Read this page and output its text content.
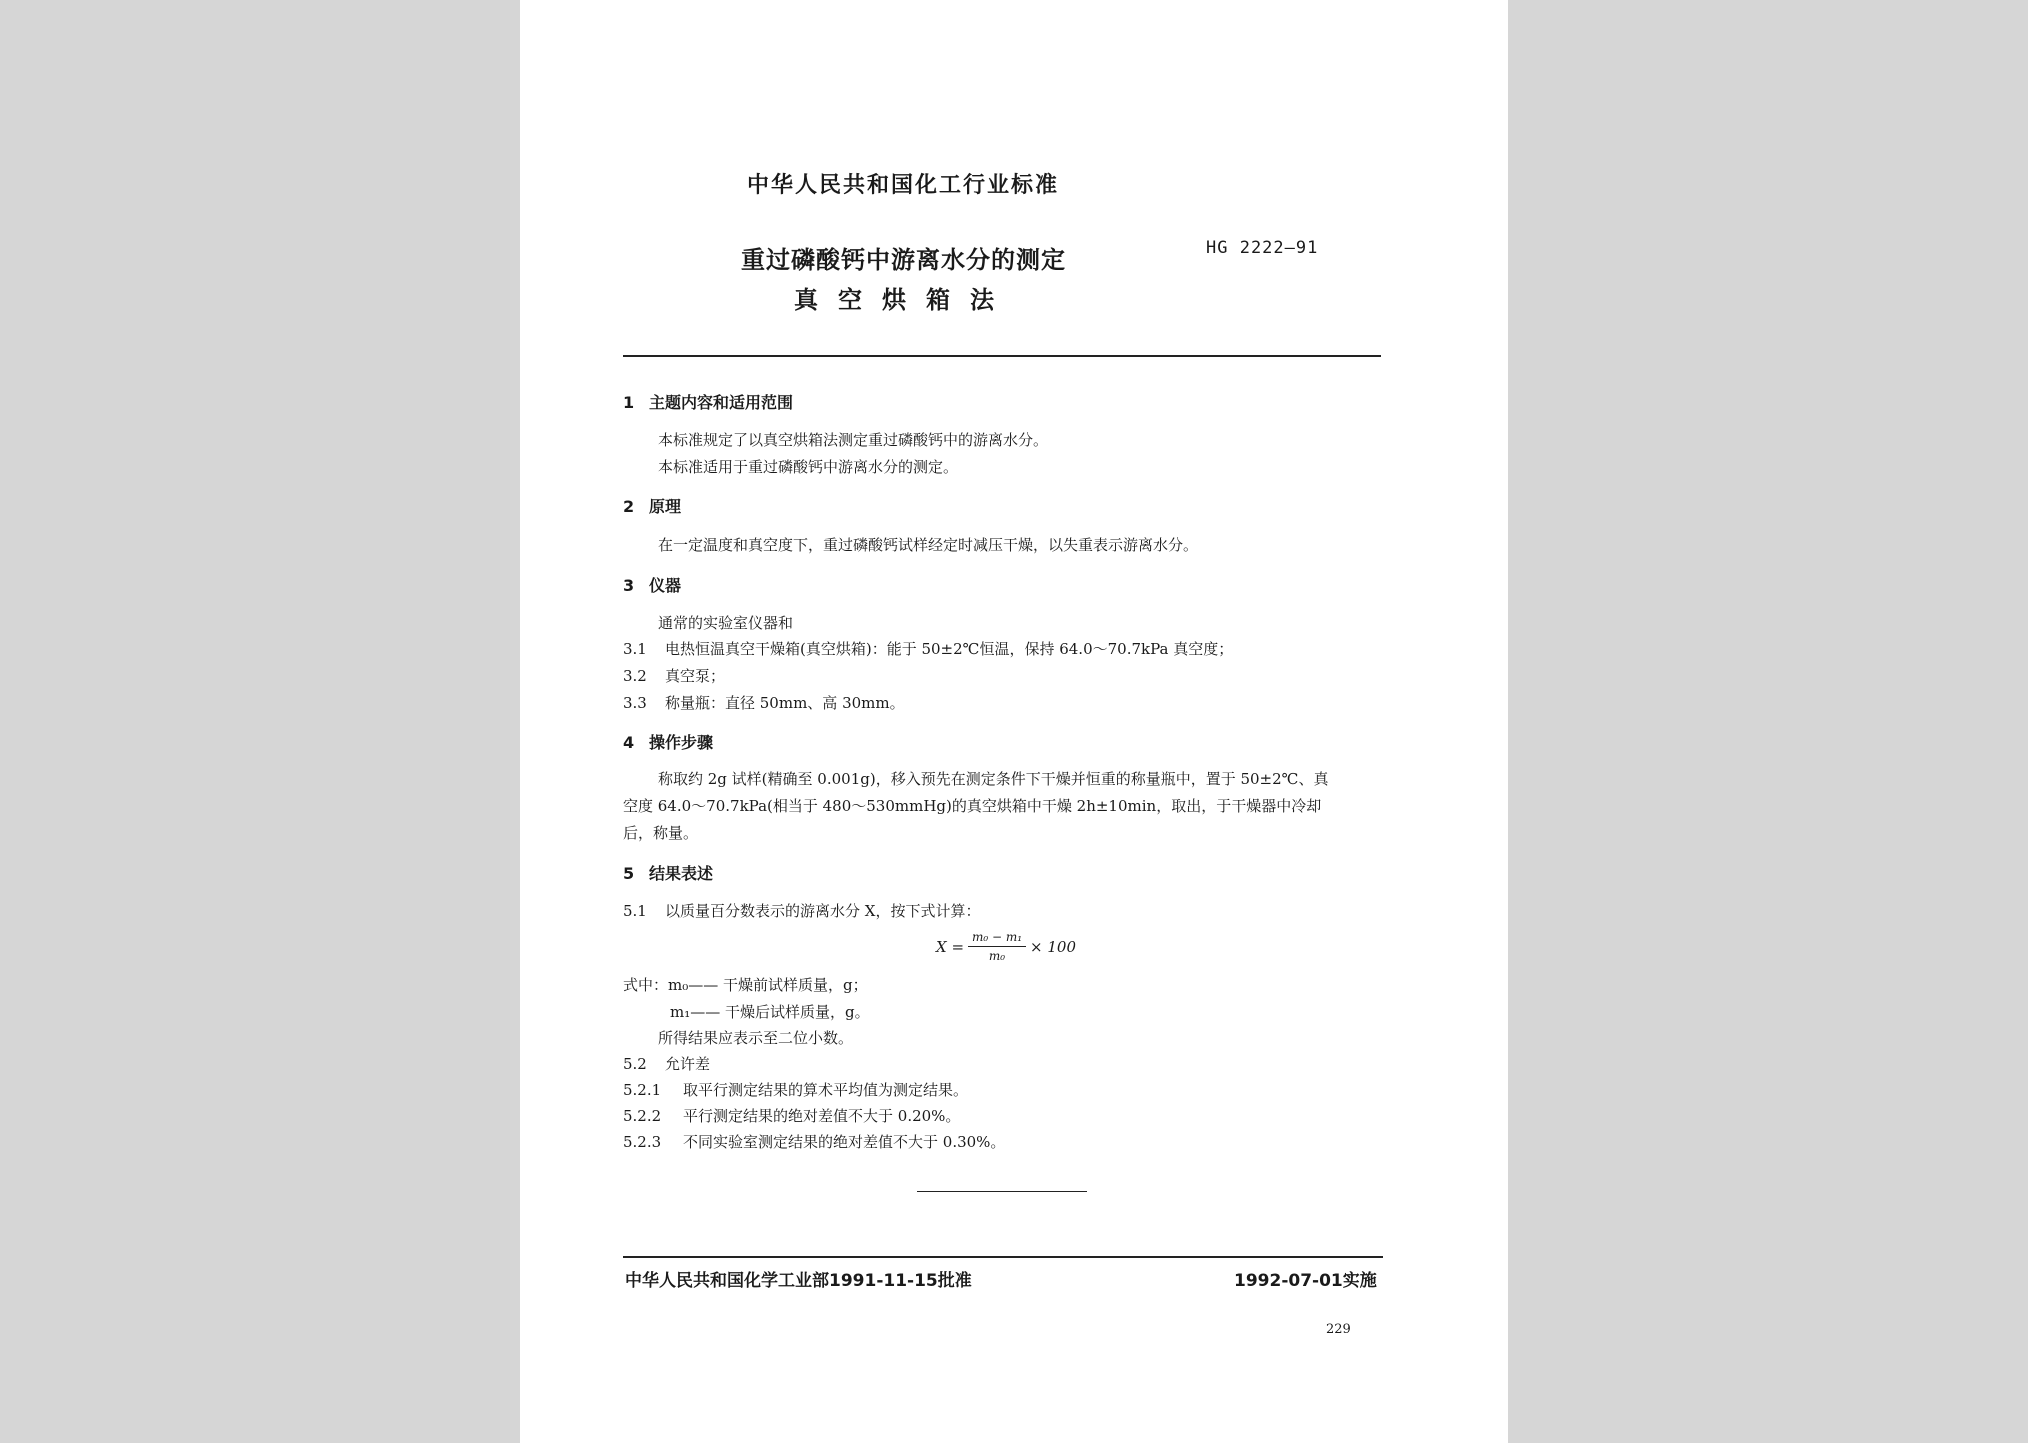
中华人民共和国化工行业标准
重过磷酸钙中游离水分的测定
真空烘箱法
HG 2222—91
1 主题内容和适用范围
本标准规定了以真空烘箱法测定重过磷酸钙中的游离水分。
本标准适用于重过磷酸钙中游离水分的测定。
2 原理
在一定温度和真空度下，重过磷酸钙试样经定时减压干燥，以失重表示游离水分。
3 仪器
通常的实验室仪器和
3.1 电热恒温真空干燥箱(真空烘箱)：能于 50±2℃恒温，保持 64.0～70.7kPa 真空度；
3.2 真空泵；
3.3 称量瓶：直径 50mm、高 30mm。
4 操作步骤
称取约 2g 试样(精确至 0.001g)，移入预先在测定条件下干燥并恒重的称量瓶中，置于 50±2℃、真
空度 64.0～70.7kPa(相当于 480～530mmHg)的真空烘箱中干燥 2h±10min，取出，于干燥器中冷却
后，称量。
5 结果表述
5.1 以质量百分数表示的游离水分 X，按下式计算：
$X = \frac{\text{m₀ − m₁}}{\text{m₀}} \times 100$
式中：m₀—— 干燥前试样质量，g；
m₁—— 干燥后试样质量，g。
所得结果应表示至二位小数。
5.2 允许差
5.2.1 取平行测定结果的算术平均值为测定结果。
5.2.2 平行测定结果的绝对差值不大于 0.20%。
5.2.3 不同实验室测定结果的绝对差值不大于 0.30%。
中华人民共和国化学工业部1991-11-15批准	1992-07-01实施
229
